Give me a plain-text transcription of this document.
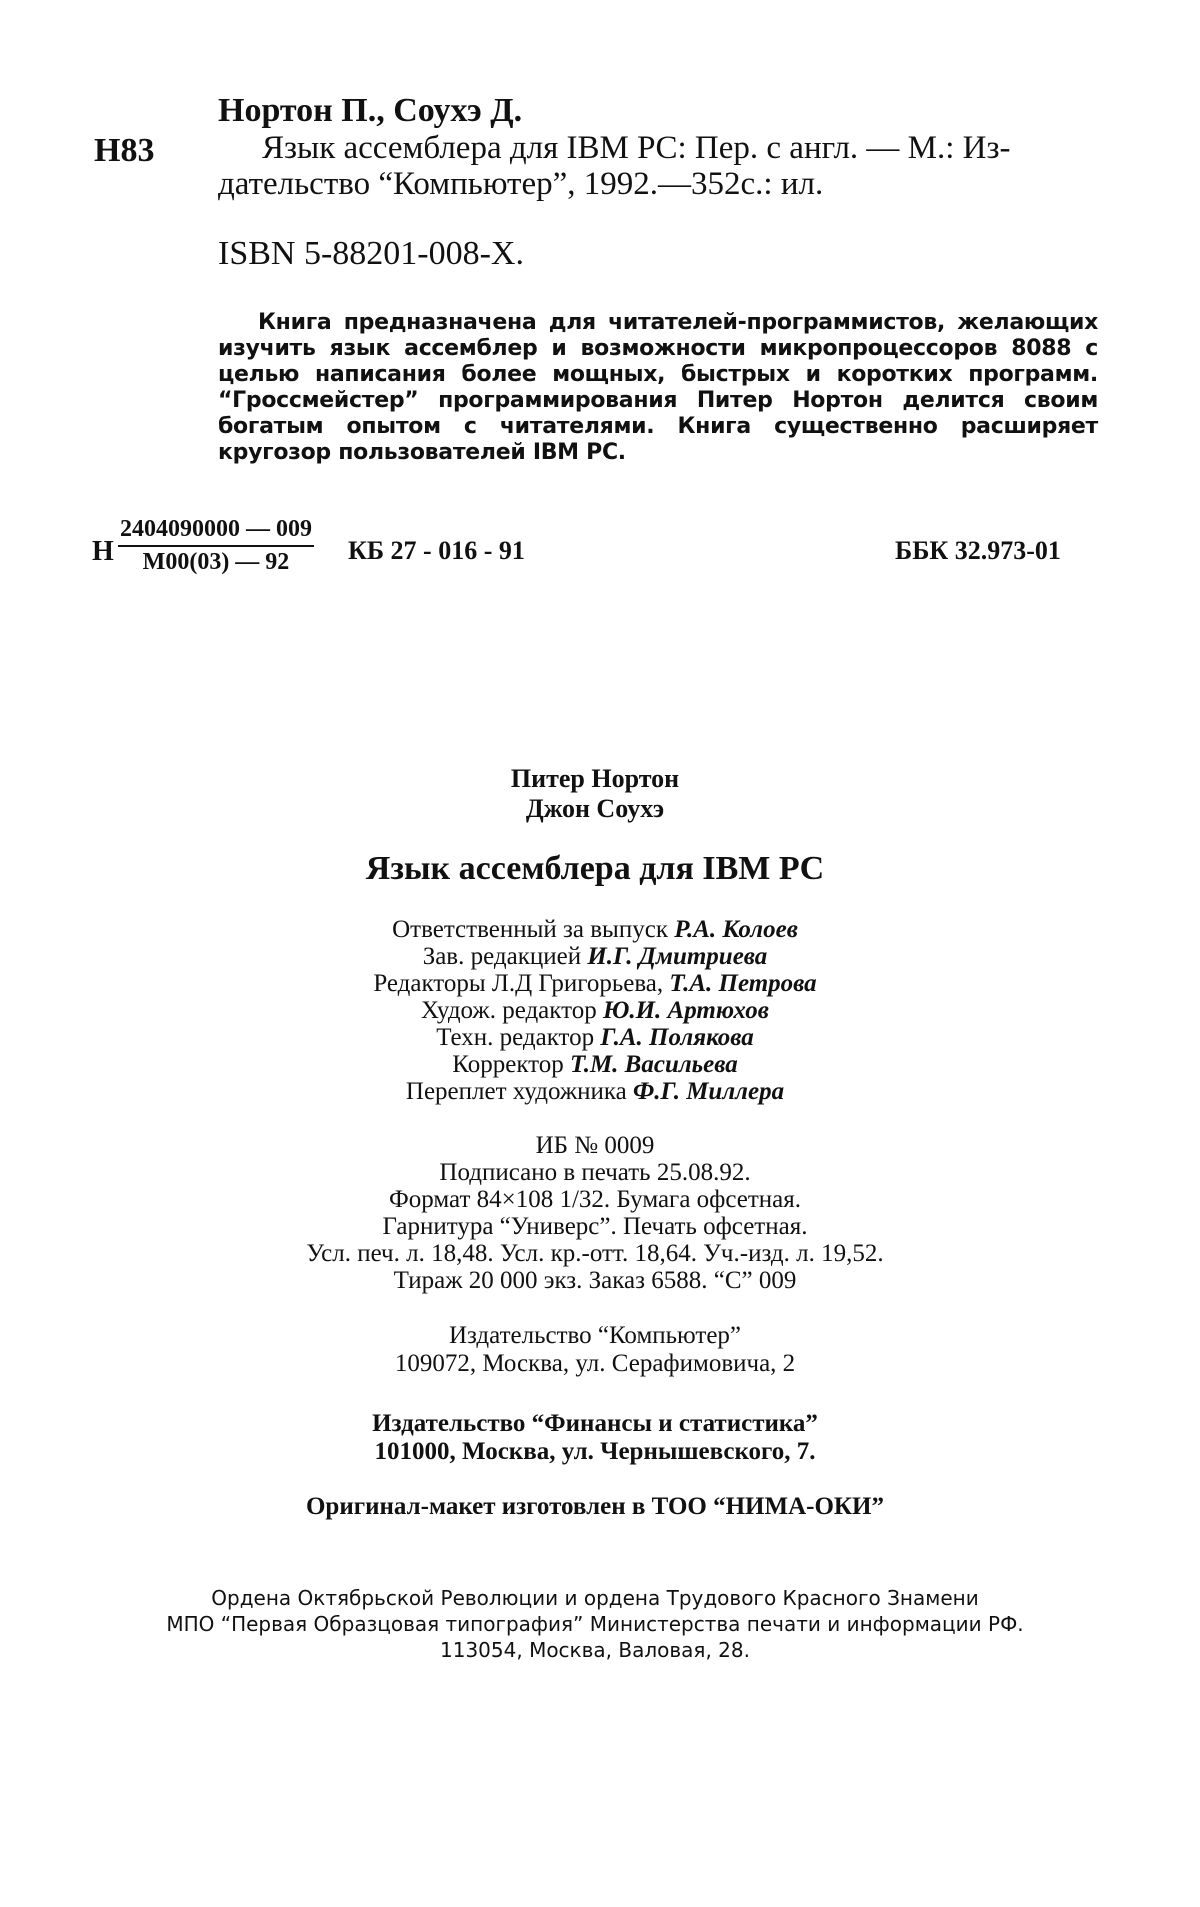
Нортон П., Соухэ Д.
Н83	Язык ассемблера для IBM PC: Пер. с англ. — М.: Из-
дательство “Компьютер”, 1992.—352с.: ил.
ISBN 5-88201-008-X.
Книга предназначена для читателей-программистов, желающих изучить язык ассемблер и возможности микропроцессоров 8088 с целью написания более мощных, быстрых и коротких программ. “Гроссмейстер” программирования Питер Нортон делится своим богатым опытом с читателями. Книга существенно расширяет кругозор пользователей IBM PC.
Н
2404090000 — 009
М00(03) — 92 КБ 27 - 016 - 91	ББК 32.973-01
Питер Нортон
Джон Соухэ
Язык ассемблера для IBM PC
Ответственный за выпуск Р.А. Колоев
Зав. редакцией И.Г. Дмитриева
Редакторы Л.Д Григорьева, Т.А. Петрова
Худож. редактор Ю.И. Артюхов
Техн. редактор Г.А. Полякова
Корректор Т.М. Васильева
Переплет художника Ф.Г. Миллера
ИБ № 0009
Подписано в печать 25.08.92.
Формат 84×108 1/32. Бумага офсетная.
Гарнитура “Универс”. Печать офсетная.
Усл. печ. л. 18,48. Усл. кр.-отт. 18,64. Уч.-изд. л. 19,52.
Тираж 20 000 экз. Заказ 6588. “С” 009
Издательство “Компьютер”
109072, Москва, ул. Серафимовича, 2
Издательство “Финансы и статистика”
101000, Москва, ул. Чернышевского, 7.
Оригинал-макет изготовлен в ТОО “НИМА-ОКИ”
Ордена Октябрьской Революции и ордена Трудового Красного Знамени
МПО “Первая Образцовая типография” Министерства печати и информации РФ.
113054, Москва, Валовая, 28.
